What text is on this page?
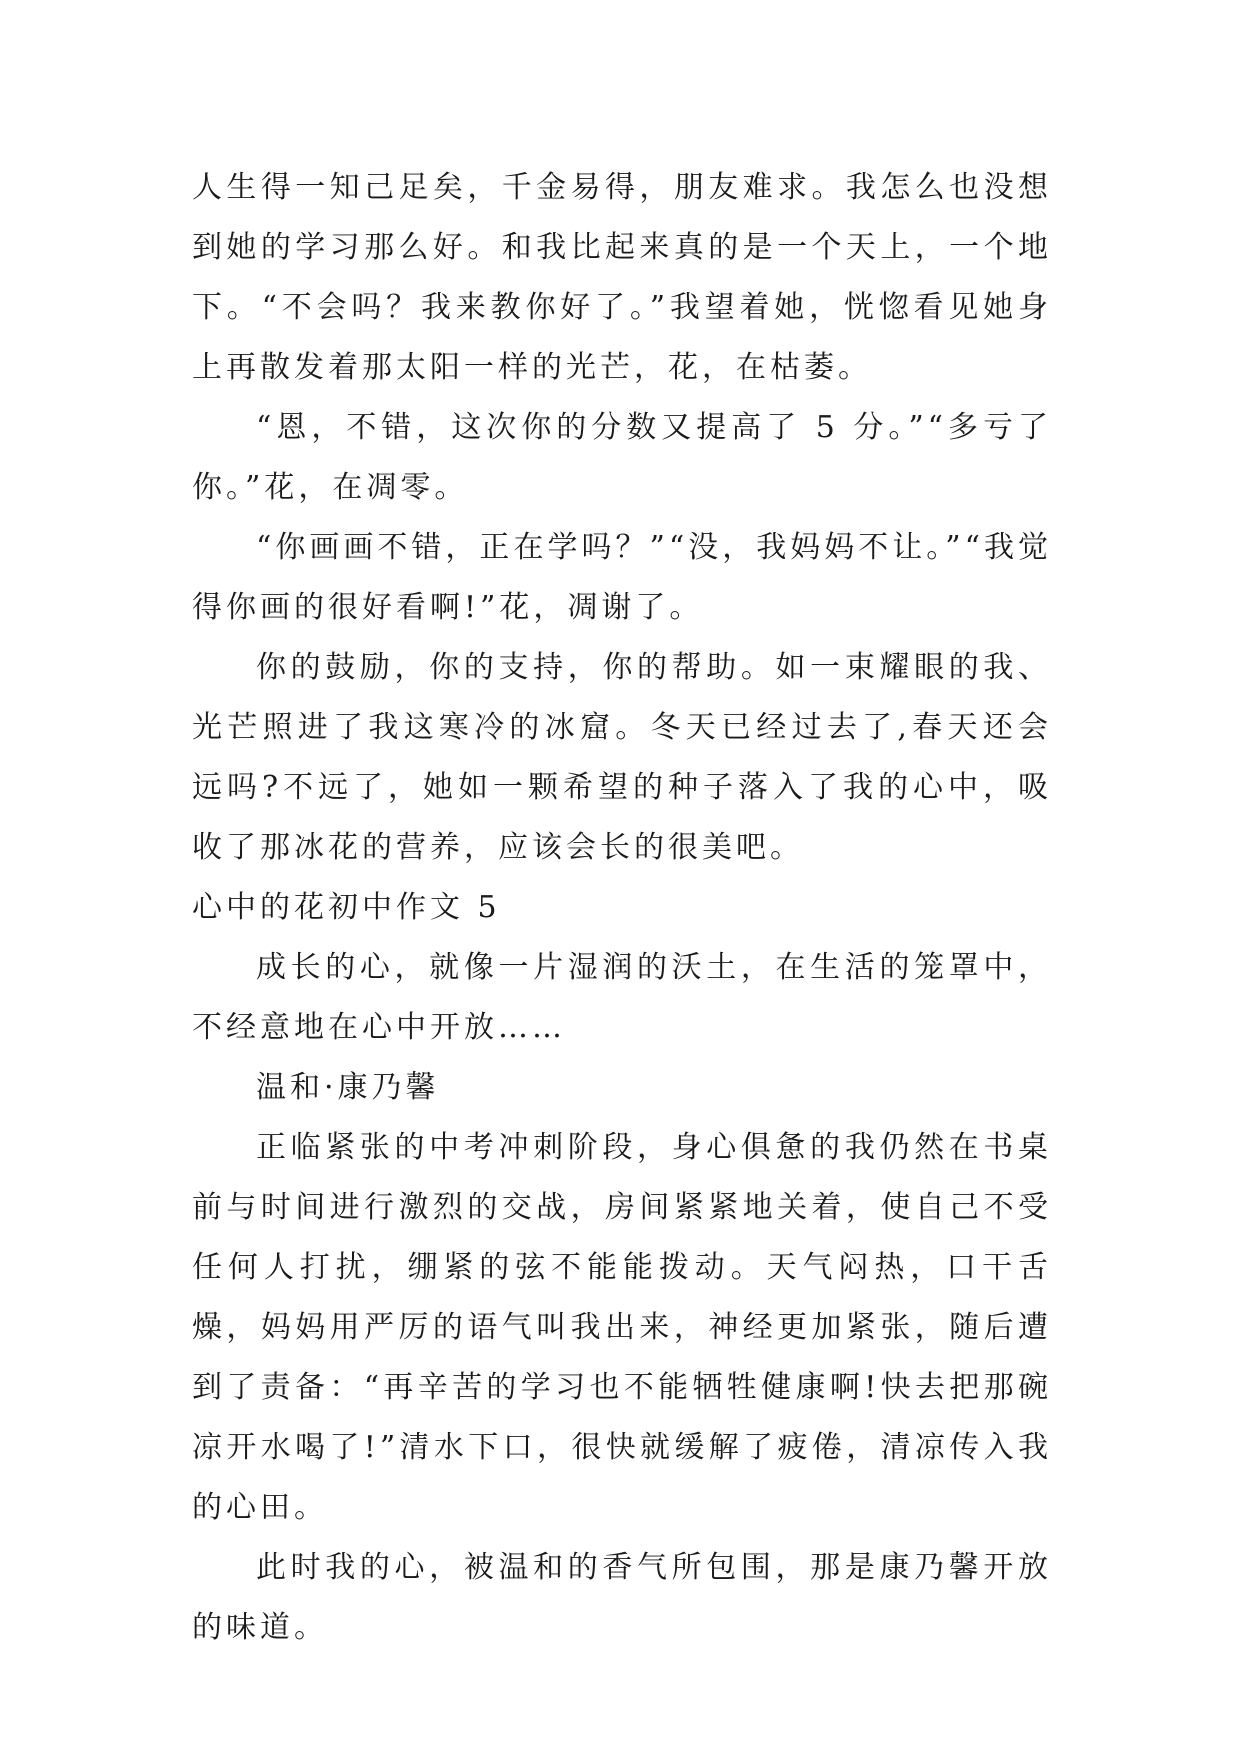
人生得一知己足矣，千金易得，朋友难求。我怎么也没想到她的学习那么好。和我比起来真的是一个天上，一个地下。“不会吗？我来教你好了。”我望着她，恍惚看见她身上再散发着那太阳一样的光芒，花，在枯萎。

“恩，不错，这次你的分数又提高了 5 分。”“多亏了你。”花，在凋零。

“你画画不错，正在学吗？”“没，我妈妈不让。”“我觉得你画的很好看啊!”花，凋谢了。

你的鼓励，你的支持，你的帮助。如一束耀眼的我、光芒照进了我这寒冷的冰窟。冬天已经过去了,春天还会远吗?不远了，她如一颗希望的种子落入了我的心中，吸收了那冰花的营养，应该会长的很美吧。

心中的花初中作文 5

成长的心，就像一片湿润的沃土，在生活的笼罩中，不经意地在心中开放……

温和·康乃馨

正临紧张的中考冲刺阶段，身心俱惫的我仍然在书桌前与时间进行激烈的交战，房间紧紧地关着，使自己不受任何人打扰，绷紧的弦不能能拨动。天气闷热，口干舌燥，妈妈用严厉的语气叫我出来，神经更加紧张，随后遭到了责备：“再辛苦的学习也不能牺牲健康啊!快去把那碗凉开水喝了!”清水下口，很快就缓解了疲倦，清凉传入我的心田。

此时我的心，被温和的香气所包围，那是康乃馨开放的味道。
